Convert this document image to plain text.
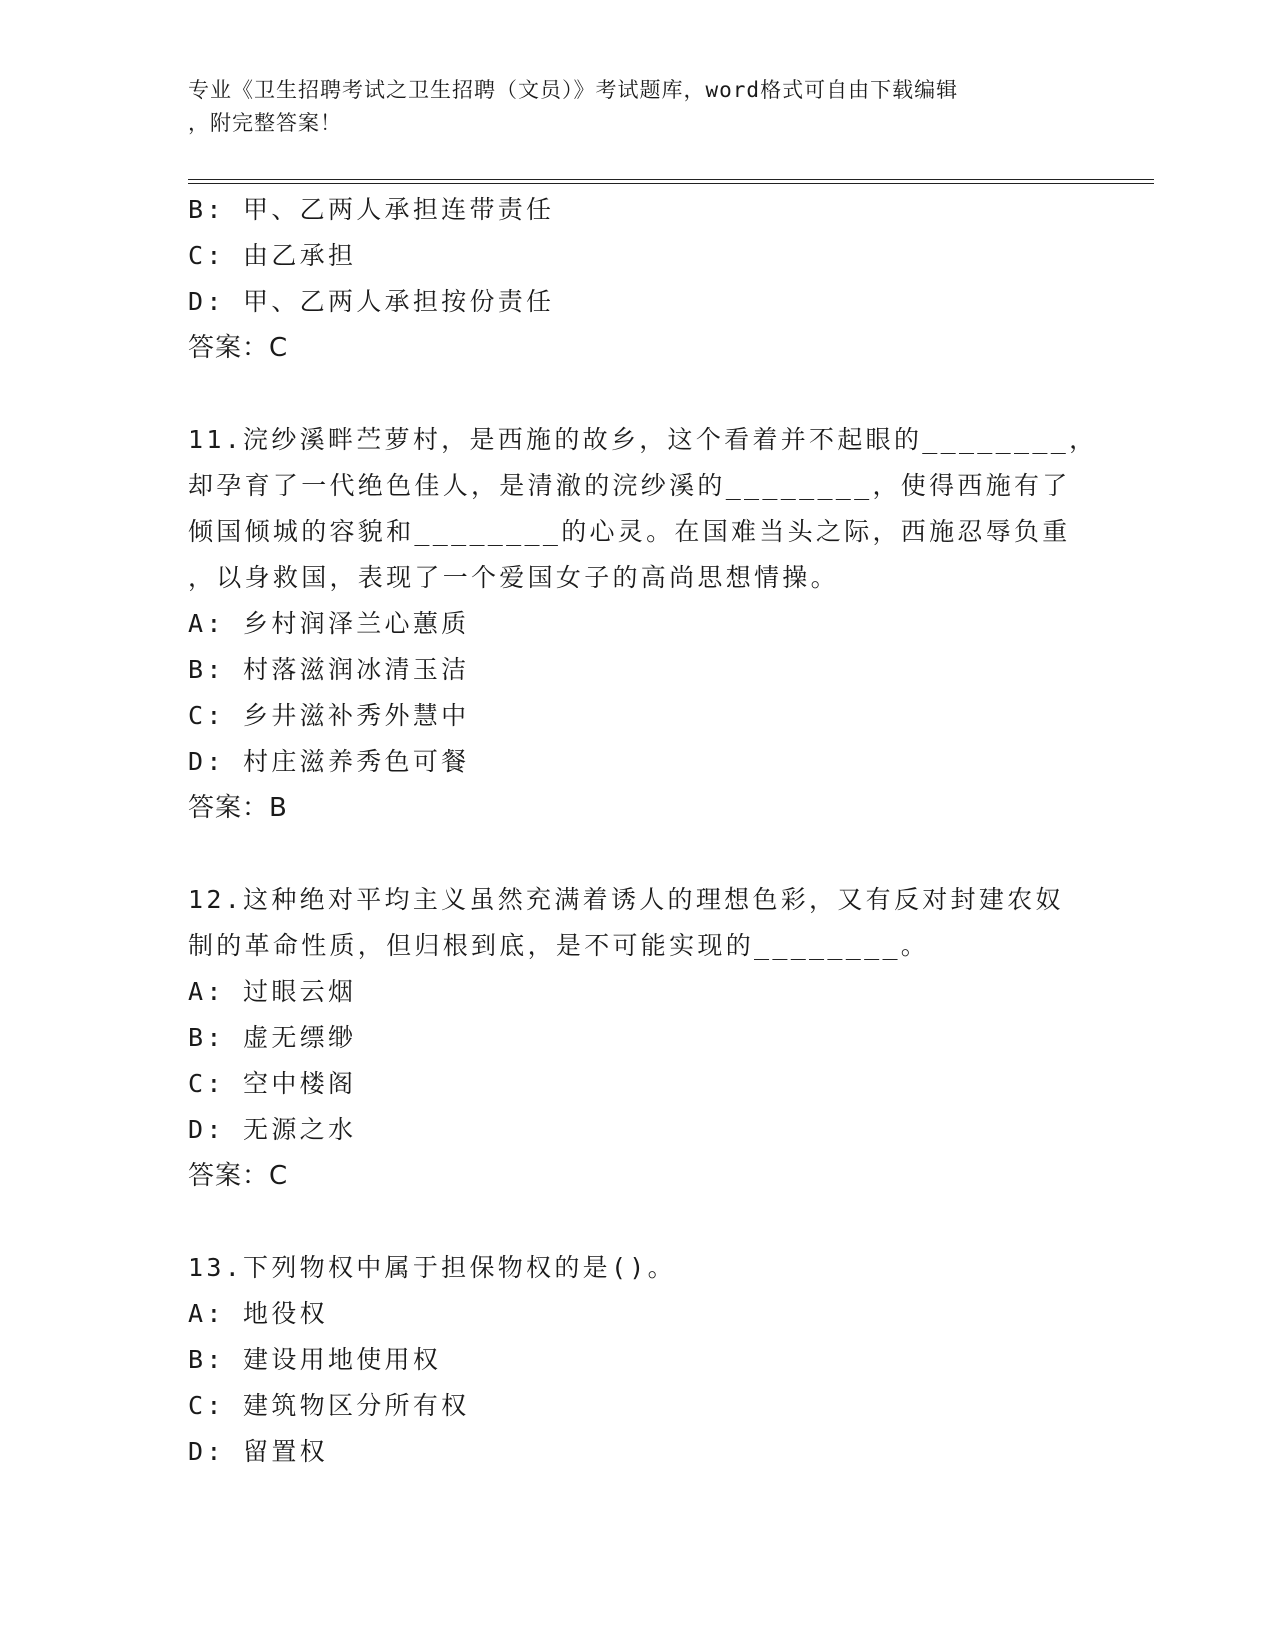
专业《卫生招聘考试之卫生招聘（文员）》考试题库，word格式可自由下载编辑
，附完整答案！
B: 甲、乙两人承担连带责任
C: 由乙承担
D: 甲、乙两人承担按份责任
答案：C
11.浣纱溪畔苎萝村，是西施的故乡，这个看着并不起眼的________，
却孕育了一代绝色佳人，是清澈的浣纱溪的________，使得西施有了
倾国倾城的容貌和________的心灵。在国难当头之际，西施忍辱负重
，以身救国，表现了一个爱国女子的高尚思想情操。
A: 乡村润泽兰心蕙质
B: 村落滋润冰清玉洁
C: 乡井滋补秀外慧中
D: 村庄滋养秀色可餐
答案：B
12.这种绝对平均主义虽然充满着诱人的理想色彩，又有反对封建农奴
制的革命性质，但归根到底，是不可能实现的________。
A: 过眼云烟
B: 虚无缥缈
C: 空中楼阁
D: 无源之水
答案：C
13.下列物权中属于担保物权的是()。
A: 地役权
B: 建设用地使用权
C: 建筑物区分所有权
D: 留置权
